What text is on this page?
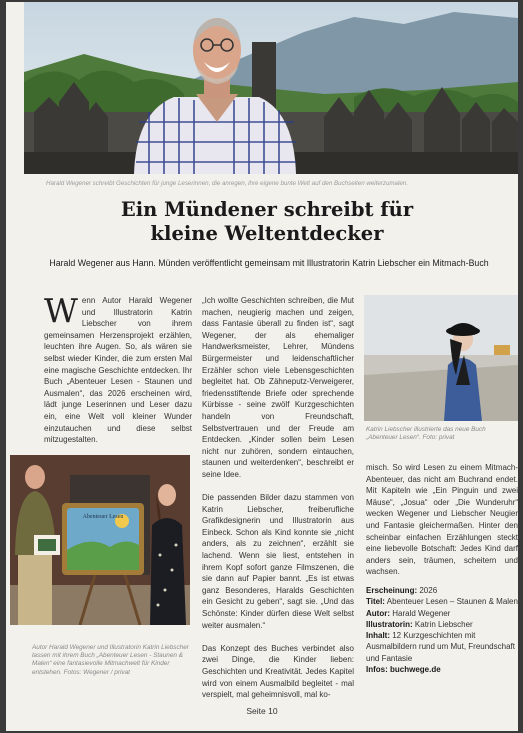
Harald Wegener schreibt Geschichten für junge Leserinnen, die anregen, ihre eigene bunte Welt auf den Buchseiten weiterzumalen.
Ein Mündener schreibt für
kleine Weltentdecker
Harald Wegener aus Hann. Münden veröffentlicht gemeinsam mit Illustratorin Katrin Liebscher ein Mitmach-Buch
W enn Autor Harald Wegener und Illustratorin Katrin Liebscher von ihrem gemeinsamen Herzensprojekt erzählen, leuchten ihre Augen. So, als wären sie selbst wieder Kinder, die zum ersten Mal eine magische Geschichte entdecken. Ihr Buch „Abenteuer Lesen - Staunen und Ausmalen“, das 2026 erscheinen wird, lädt junge Leserinnen und Leser dazu ein, eine Welt voll kleiner Wunder einzutauchen und diese selbst mitzugestalten.

„Ich wollte Geschichten schreiben, die Mut machen, neugierig machen und zeigen, dass Fantasie überall zu finden ist“, sagt Wegener, der als ehemaliger Handwerksmeister, Lehrer, Mündens Bürgermeister und leidenschaftlicher Erzähler schon viele Lebensgeschichten begleitet hat. Ob Zähneputz-Verweigerer, friedensstiftende Briefe oder sprechende Kürbisse - seine zwölf Kurzgeschichten handeln von Freundschaft, Selbstvertrauen und der Freude am Entdecken. „Kinder sollen beim Lesen nicht nur zuhören, sondern eintauchen, staunen und weiterdenken“, beschreibt er seine Idee.

Die passenden Bilder dazu stammen von Katrin Liebscher, freiberufliche Grafikdesignerin und Illustratorin aus Einbeck. Schon als Kind konnte sie „nicht anders, als zu zeichnen“, erzählt sie lachend. Wenn sie liest, entstehen in ihrem Kopf sofort ganze Filmszenen, die sie dann auf Papier bannt. „Es ist etwas ganz Besonderes, Haralds Geschichten ein Gesicht zu geben“, sagt sie. „Und das Schönste: Kinder dürfen diese Welt selbst weiter ausmalen.“

Das Konzept des Buches verbindet also zwei Dinge, die Kinder lieben: Geschichten und Kreativität. Jedes Kapitel wird von einem Ausmalbild begleitet - mal verspielt, mal geheimnisvoll, mal ko-

Katrin Liebscher illustrierte das neue Buch „Abenteuer Lesen“. Foto: privat
Abenteuer Lesen
Autor Harald Wegener und Illustratorin Katrin Liebscher lassen mit ihrem Buch „Abenteuer Lesen - Staunen & Malen“ eine fantasievolle Mitmachwelt für Kinder entstehen. Fotos: Wegener / privat

misch. So wird Lesen zu einem Mitmach-Abenteuer, das nicht am Buchrand endet. Mit Kapiteln wie „Ein Pinguin und zwei Mäuse“, „Josua“ oder „Die Wunderuhr“ wecken Wegener und Liebscher Neugier und Fantasie gleichermaßen. Hinter den scheinbar einfachen Erzählungen steckt eine liebevolle Botschaft: Jedes Kind darf anders sein, träumen, scheitern und wachsen.

Erscheinung: 2026
Titel: Abenteuer Lesen – Staunen & Malen
Autor: Harald Wegener
Illustratorin: Katrin Liebscher
Inhalt: 12 Kurzgeschichten mit Ausmalbildern rund um Mut, Freundschaft und Fantasie
Infos: buchwege.de
Seite 10
